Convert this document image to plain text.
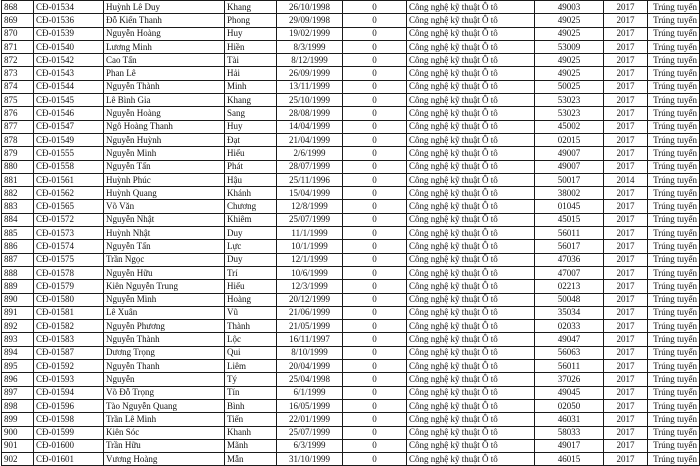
868	CĐ-01534	Huỳnh Lê Duy	Khang	26/10/1998	0	Công nghệ kỹ thuật Ô tô	49003	2017	Trúng tuyển
869	CĐ-01536	Đỗ Kiến Thanh	Phong	29/09/1998	0	Công nghệ kỹ thuật Ô tô	49025	2017	Trúng tuyển
870	CĐ-01539	Nguyễn Hoàng	Huy	19/02/1999	0	Công nghệ kỹ thuật Ô tô	49025	2017	Trúng tuyển
871	CĐ-01540	Lương Minh	Hiền	8/3/1999	0	Công nghệ kỹ thuật Ô tô	53009	2017	Trúng tuyển
872	CĐ-01542	Cao Tấn	Tài	8/12/1999	0	Công nghệ kỹ thuật Ô tô	49025	2017	Trúng tuyển
873	CĐ-01543	Phan Lê	Hải	26/09/1999	0	Công nghệ kỹ thuật Ô tô	49025	2017	Trúng tuyển
874	CĐ-01544	Nguyễn Thành	Minh	13/11/1999	0	Công nghệ kỹ thuật Ô tô	50025	2017	Trúng tuyển
875	CĐ-01545	Lê Bình Gia	Khang	25/10/1999	0	Công nghệ kỹ thuật Ô tô	53023	2017	Trúng tuyển
876	CĐ-01546	Nguyễn Hoàng	Sang	28/08/1999	0	Công nghệ kỹ thuật Ô tô	53023	2017	Trúng tuyển
877	CĐ-01547	Ngô Hoàng Thanh	Huy	14/04/1999	0	Công nghệ kỹ thuật Ô tô	45002	2017	Trúng tuyển
878	CĐ-01549	Nguyễn Huỳnh	Đạt	21/04/1999	0	Công nghệ kỹ thuật Ô tô	02015	2017	Trúng tuyển
879	CĐ-01555	Nguyễn Minh	Hiếu	2/6/1999	0	Công nghệ kỹ thuật Ô tô	49007	2017	Trúng tuyển
880	CĐ-01558	Nguyễn Tấn	Phát	28/07/1999	0	Công nghệ kỹ thuật Ô tô	49007	2017	Trúng tuyển
881	CĐ-01561	Huỳnh Phúc	Hậu	25/11/1996	0	Công nghệ kỹ thuật Ô tô	50017	2014	Trúng tuyển
882	CĐ-01562	Huỳnh Quang	Khánh	15/04/1999	0	Công nghệ kỹ thuật Ô tô	38002	2017	Trúng tuyển
883	CĐ-01565	Võ Văn	Chương	12/8/1999	0	Công nghệ kỹ thuật Ô tô	01045	2017	Trúng tuyển
884	CĐ-01572	Nguyễn Nhật	Khiêm	25/07/1999	0	Công nghệ kỹ thuật Ô tô	45015	2017	Trúng tuyển
885	CĐ-01573	Huỳnh Nhật	Duy	11/1/1999	0	Công nghệ kỹ thuật Ô tô	56011	2017	Trúng tuyển
886	CĐ-01574	Nguyễn Tấn	Lực	10/1/1999	0	Công nghệ kỹ thuật Ô tô	56017	2017	Trúng tuyển
887	CĐ-01575	Trần Ngọc	Duy	12/1/1999	0	Công nghệ kỹ thuật Ô tô	47036	2017	Trúng tuyển
888	CĐ-01578	Nguyễn Hữu	Trí	10/6/1999	0	Công nghệ kỹ thuật Ô tô	47007	2017	Trúng tuyển
889	CĐ-01579	Kiên Nguyễn Trung	Hiếu	12/3/1999	0	Công nghệ kỹ thuật Ô tô	02213	2017	Trúng tuyển
890	CĐ-01580	Nguyễn Minh	Hoàng	20/12/1999	0	Công nghệ kỹ thuật Ô tô	50048	2017	Trúng tuyển
891	CĐ-01581	Lê Xuân	Vũ	21/06/1999	0	Công nghệ kỹ thuật Ô tô	35034	2017	Trúng tuyển
892	CĐ-01582	Nguyễn Phương	Thành	21/05/1999	0	Công nghệ kỹ thuật Ô tô	02033	2017	Trúng tuyển
893	CĐ-01583	Nguyễn Thành	Lộc	16/11/1997	0	Công nghệ kỹ thuật Ô tô	49047	2017	Trúng tuyển
894	CĐ-01587	Dương Trọng	Qui	8/10/1999	0	Công nghệ kỹ thuật Ô tô	56063	2017	Trúng tuyển
895	CĐ-01592	Nguyễn Thanh	Liêm	20/04/1999	0	Công nghệ kỹ thuật Ô tô	56011	2017	Trúng tuyển
896	CĐ-01593	Nguyễn	Tý	25/04/1998	0	Công nghệ kỹ thuật Ô tô	37026	2017	Trúng tuyển
897	CĐ-01594	Võ Đỗ Trọng	Tín	6/1/1999	0	Công nghệ kỹ thuật Ô tô	49045	2017	Trúng tuyển
898	CĐ-01596	Tào Nguyễn Quang	Bình	16/05/1999	0	Công nghệ kỹ thuật Ô tô	02050	2017	Trúng tuyển
899	CĐ-01598	Trần Lê Minh	Tiến	22/01/1999	0	Công nghệ kỹ thuật Ô tô	46031	2017	Trúng tuyển
900	CĐ-01599	Kiên Sóc	Khanh	25/07/1999	0	Công nghệ kỹ thuật Ô tô	58033	2017	Trúng tuyển
901	CĐ-01600	Trần Hữu	Mãnh	6/3/1999	0	Công nghệ kỹ thuật Ô tô	49017	2017	Trúng tuyển
902	CĐ-01601	Vương Hoàng	Mẫn	31/10/1999	0	Công nghệ kỹ thuật Ô tô	46015	2017	Trúng tuyển
